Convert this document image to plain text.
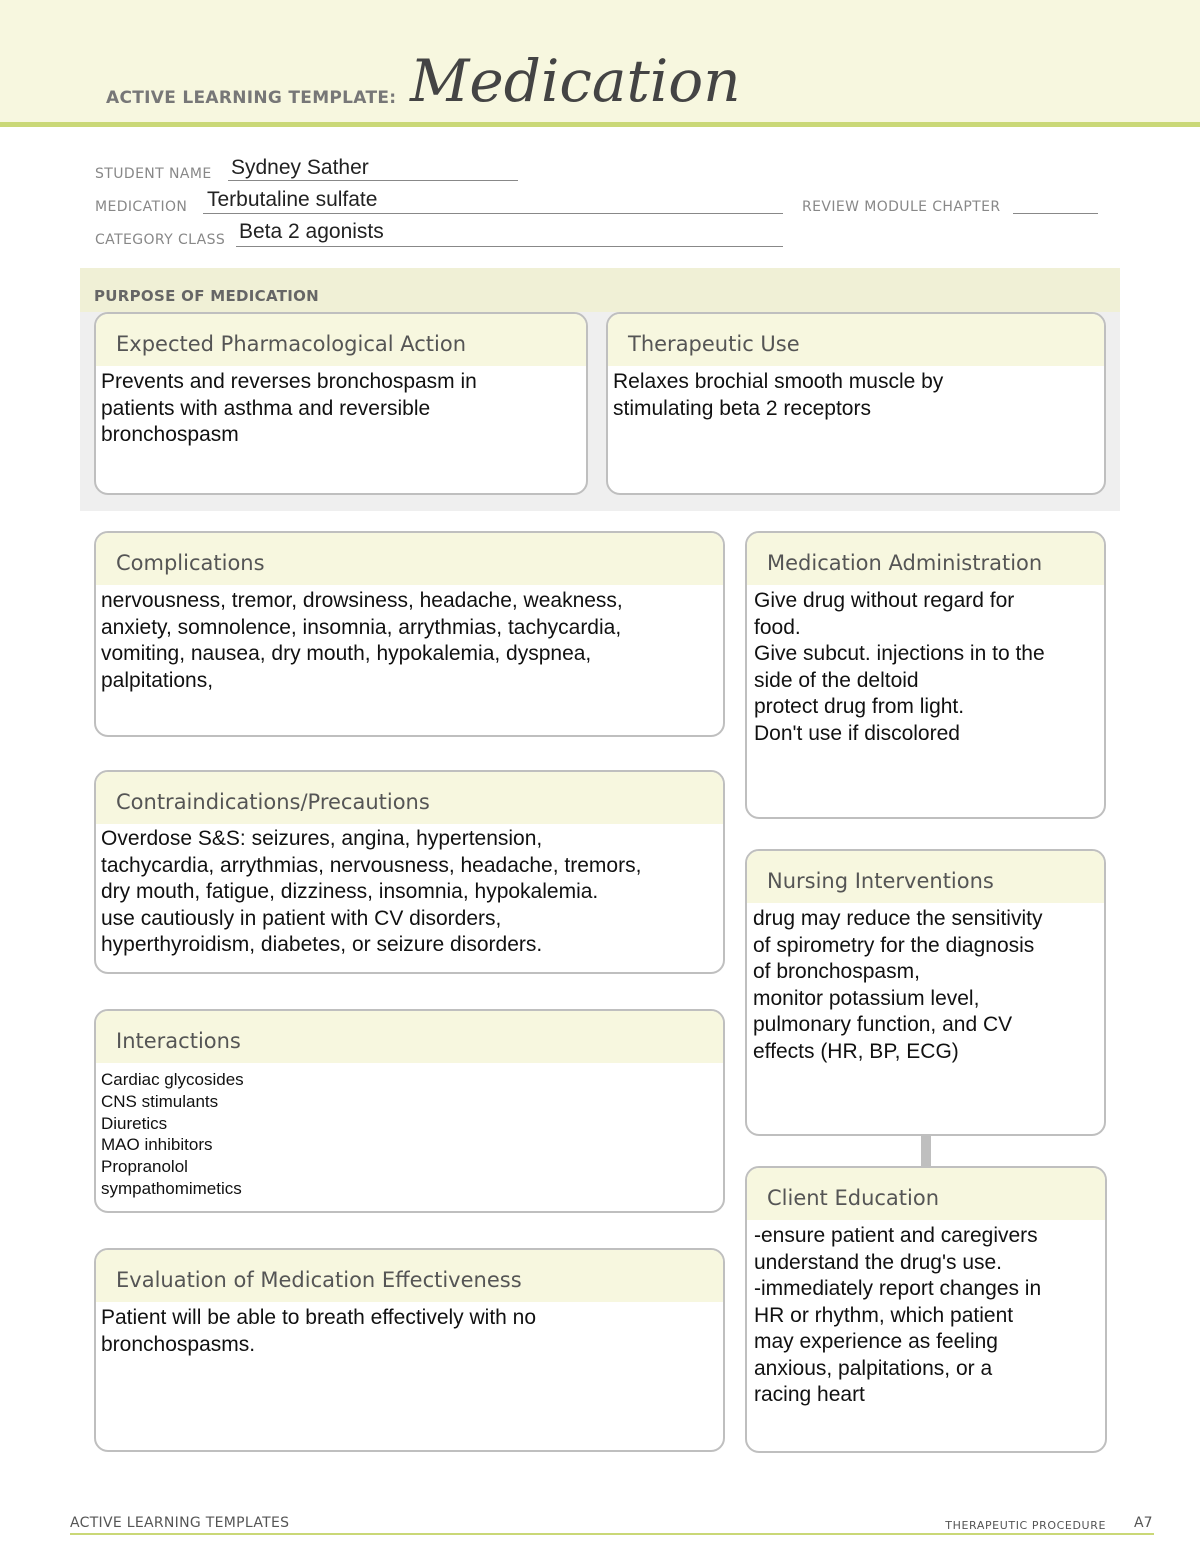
ACTIVE LEARNING TEMPLATE: Medication
STUDENT NAME Sydney Sather
MEDICATION Terbutaline sulfate	REVIEW MODULE CHAPTER
CATEGORY CLASS Beta 2 agonists
PURPOSE OF MEDICATION
Expected Pharmacological Action
Prevents and reverses bronchospasm in
patients with asthma and reversible
bronchospasm
Therapeutic Use
Relaxes brochial smooth muscle by
stimulating beta 2 receptors
Complications
nervousness, tremor, drowsiness, headache, weakness,
anxiety, somnolence, insomnia, arrythmias, tachycardia,
vomiting, nausea, dry mouth, hypokalemia, dyspnea,
palpitations,
Contraindications/Precautions
Overdose S&S: seizures, angina, hypertension,
tachycardia, arrythmias, nervousness, headache, tremors,
dry mouth, fatigue, dizziness, insomnia, hypokalemia.
use cautiously in patient with CV disorders,
hyperthyroidism, diabetes, or seizure disorders.
Interactions
Cardiac glycosides
CNS stimulants
Diuretics
MAO inhibitors
Propranolol
sympathomimetics
Evaluation of Medication Effectiveness
Patient will be able to breath effectively with no
bronchospasms.
Medication Administration
Give drug without regard for
food.
Give subcut. injections in to the
side of the deltoid
protect drug from light.
Don't use if discolored
Nursing Interventions
drug may reduce the sensitivity
of spirometry for the diagnosis
of bronchospasm,
monitor potassium level,
pulmonary function, and CV
effects (HR, BP, ECG)
Client Education
-ensure patient and caregivers
understand the drug's use.
-immediately report changes in
HR or rhythm, which patient
may experience as feeling
anxious, palpitations, or a
racing heart
ACTIVE LEARNING TEMPLATES	THERAPEUTIC PROCEDURE A7
